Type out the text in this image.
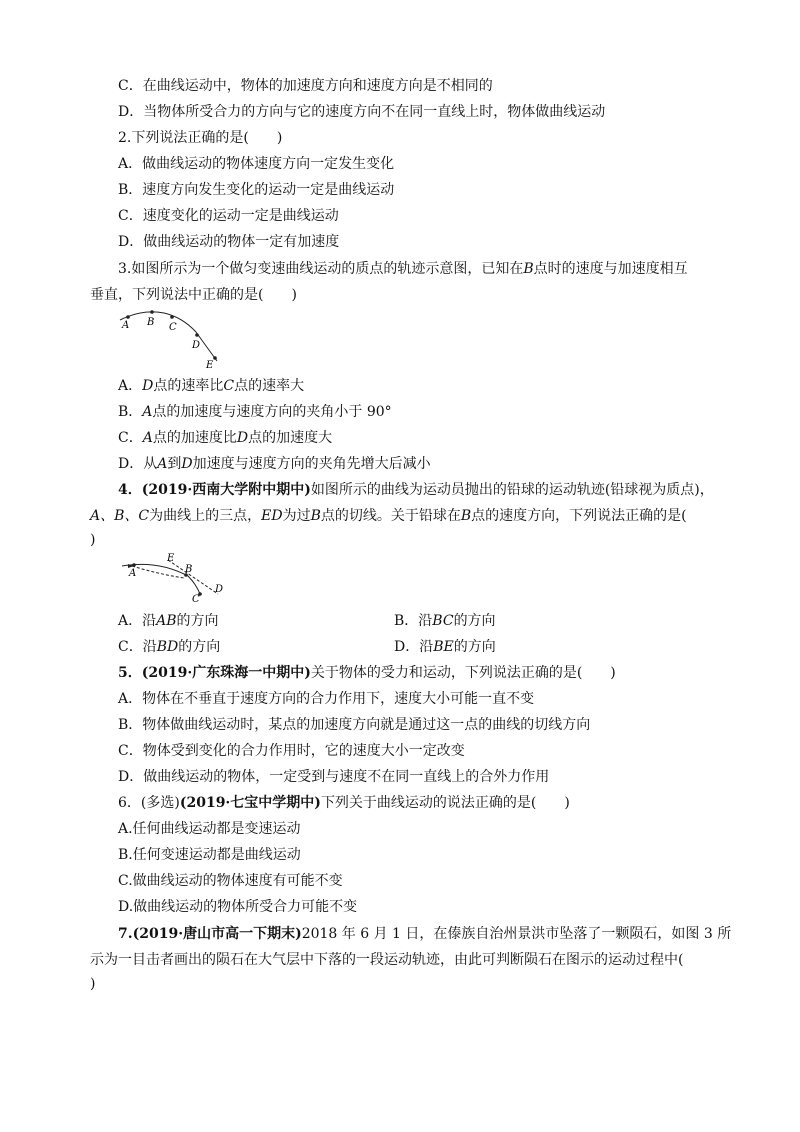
C．在曲线运动中，物体的加速度方向和速度方向是不相同的
D．当物体所受合力的方向与它的速度方向不在同一直线上时，物体做曲线运动
2.下列说法正确的是(　　)
A．做曲线运动的物体速度方向一定发生变化
B．速度方向发生变化的运动一定是曲线运动
C．速度变化的运动一定是曲线运动
D．做曲线运动的物体一定有加速度
3.如图所示为一个做匀变速曲线运动的质点的轨迹示意图，已知在B点时的速度与加速度相互
垂直，下列说法中正确的是(　　)
A B C
D
E
A．D点的速率比C点的速率大
B．A点的加速度与速度方向的夹角小于 90°
C．A点的加速度比D点的加速度大
D．从A到D加速度与速度方向的夹角先增大后减小
4．(2019·西南大学附中期中)如图所示的曲线为运动员抛出的铅球的运动轨迹(铅球视为质点)，
A、B、C为曲线上的三点，ED为过B点的切线。关于铅球在B点的速度方向，下列说法正确的是(
)
E
A	B
C
D
A．沿AB的方向	B．沿BC的方向
C．沿BD的方向	D．沿BE的方向
5．(2019·广东珠海一中期中)关于物体的受力和运动，下列说法正确的是(　　)
A．物体在不垂直于速度方向的合力作用下，速度大小可能一直不变
B．物体做曲线运动时，某点的加速度方向就是通过这一点的曲线的切线方向
C．物体受到变化的合力作用时，它的速度大小一定改变
D．做曲线运动的物体，一定受到与速度不在同一直线上的合外力作用
6．(多选)(2019·七宝中学期中)下列关于曲线运动的说法正确的是(　　)
A.任何曲线运动都是变速运动
B.任何变速运动都是曲线运动
C.做曲线运动的物体速度有可能不变
D.做曲线运动的物体所受合力可能不变
7.(2019·唐山市高一下期末)2018 年 6 月 1 日，在傣族自治州景洪市坠落了一颗陨石，如图 3 所
示为一目击者画出的陨石在大气层中下落的一段运动轨迹，由此可判断陨石在图示的运动过程中(
)
